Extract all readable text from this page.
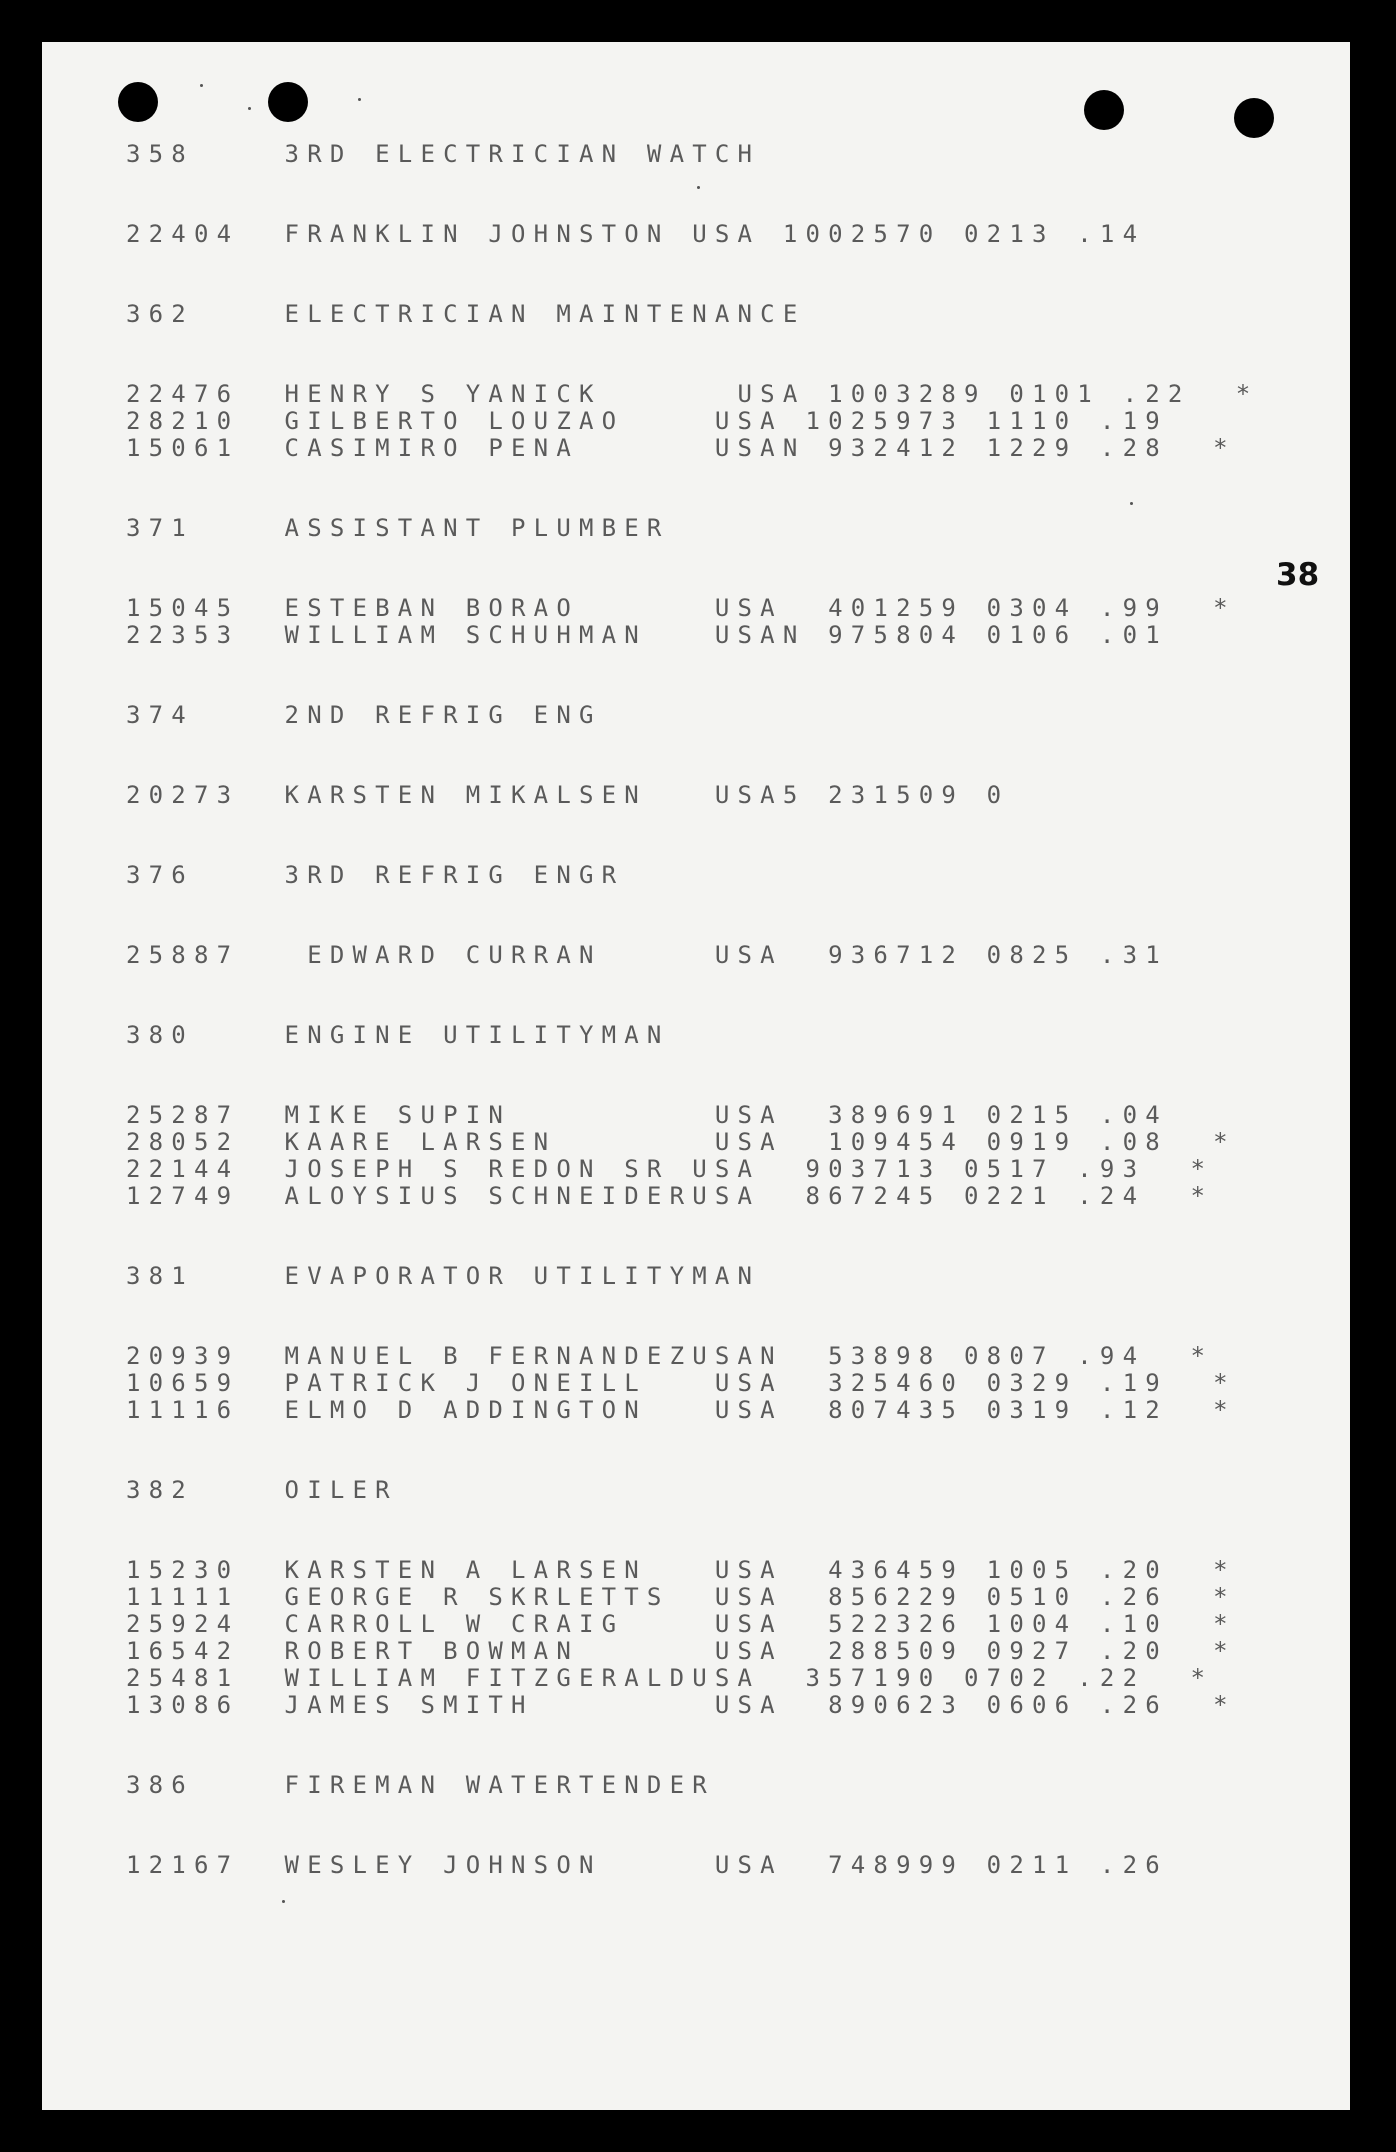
38
358    3RD ELECTRICIAN WATCH
22404  FRANKLIN JOHNSTON USA 1002570 0213 .14
362    ELECTRICIAN MAINTENANCE
22476  HENRY S YANICK      USA 1003289 0101 .22  *
28210  GILBERTO LOUZAO    USA 1025973 1110 .19
15061  CASIMIRO PENA      USAN 932412 1229 .28  *
371    ASSISTANT PLUMBER
15045  ESTEBAN BORAO      USA  401259 0304 .99  *
22353  WILLIAM SCHUHMAN   USAN 975804 0106 .01
374    2ND REFRIG ENG
20273  KARSTEN MIKALSEN   USA5 231509 0
376    3RD REFRIG ENGR
25887   EDWARD CURRAN     USA  936712 0825 .31
380    ENGINE UTILITYMAN
25287  MIKE SUPIN         USA  389691 0215 .04
28052  KAARE LARSEN       USA  109454 0919 .08  *
22144  JOSEPH S REDON SR USA  903713 0517 .93  *
12749  ALOYSIUS SCHNEIDERUSA  867245 0221 .24  *
381    EVAPORATOR UTILITYMAN
20939  MANUEL B FERNANDEZUSAN  53898 0807 .94  *
10659  PATRICK J ONEILL   USA  325460 0329 .19  *
11116  ELMO D ADDINGTON   USA  807435 0319 .12  *
382    OILER
15230  KARSTEN A LARSEN   USA  436459 1005 .20  *
11111  GEORGE R SKRLETTS  USA  856229 0510 .26  *
25924  CARROLL W CRAIG    USA  522326 1004 .10  *
16542  ROBERT BOWMAN      USA  288509 0927 .20  *
25481  WILLIAM FITZGERALDUSA  357190 0702 .22  *
13086  JAMES SMITH        USA  890623 0606 .26  *
386    FIREMAN WATERTENDER
12167  WESLEY JOHNSON     USA  748999 0211 .26
